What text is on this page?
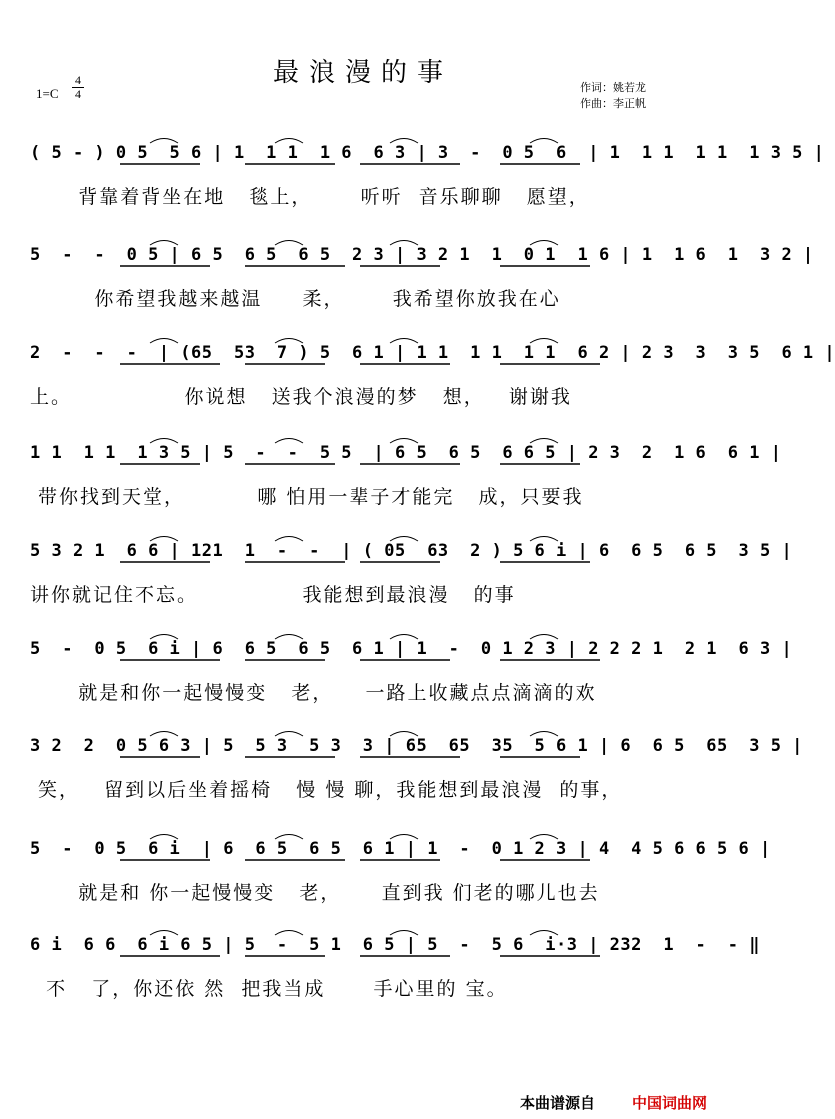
最浪漫的事
1=C
4
4	作词：姚若龙
作曲：李正帆
( 5 - ) 0 5  5 6 | 1  1 1  1 6  6 3 | 3  -  0 5  6  | 1  1 1  1 1  1 3 5 |
背靠着背坐在地   毯上，      听听  音乐聊聊   愿望，
5  -  -  0 5 | 6 5  6 5  6 5  2 3 | 3 2 1  1  0 1  1 6 | 1  1 6  1  3 2 |
你希望我越来越温     柔，      我希望你放我在心
2  -  -  -  | (65  53  7 ) 5  6 1 | 1 1  1 1  1 1  6 2 | 2 3  3  3 5  6 1 |
上。              你说想   送我个浪漫的梦   想，   谢谢我
1 1  1 1  1 3 5 | 5  -  -  5 5  | 6 5  6 5  6 6 5 | 2 3  2  1 6  6 1 |
带你找到天堂，         哪 怕用一辈子才能完   成，只要我
5 3 2 1  6 6 | 121  1  -  -  | ( 05  63  2 ) 5 6 i | 6  6 5  6 5  3 5 |
讲你就记住不忘。             我能想到最浪漫   的事
5  -  0 5  6 i | 6  6 5  6 5  6 1 | 1  -  0 1 2 3 | 2 2 2 1  2 1  6 3 |
就是和你一起慢慢变   老，    一路上收藏点点滴滴的欢
3 2  2  0 5 6 3 | 5  5 3  5 3  3 | 65  65  35  5 6 1 | 6  6 5  65  3 5 |
笑，   留到以后坐着摇椅   慢 慢 聊，我能想到最浪漫  的事，
5  -  0 5  6 i  | 6  6 5  6 5  6 1 | 1  -  0 1 2 3 | 4  4 5 6 6 5 6 |
就是和 你一起慢慢变   老，     直到我 们老的哪儿也去
6 i  6 6  6 i 6 5 | 5  -  5 1  6 5 | 5  -  5 6  i·3 | 232  1  -  - ‖
不   了，你还依 然  把我当成      手心里的 宝。
本曲谱源自 中国词曲网
